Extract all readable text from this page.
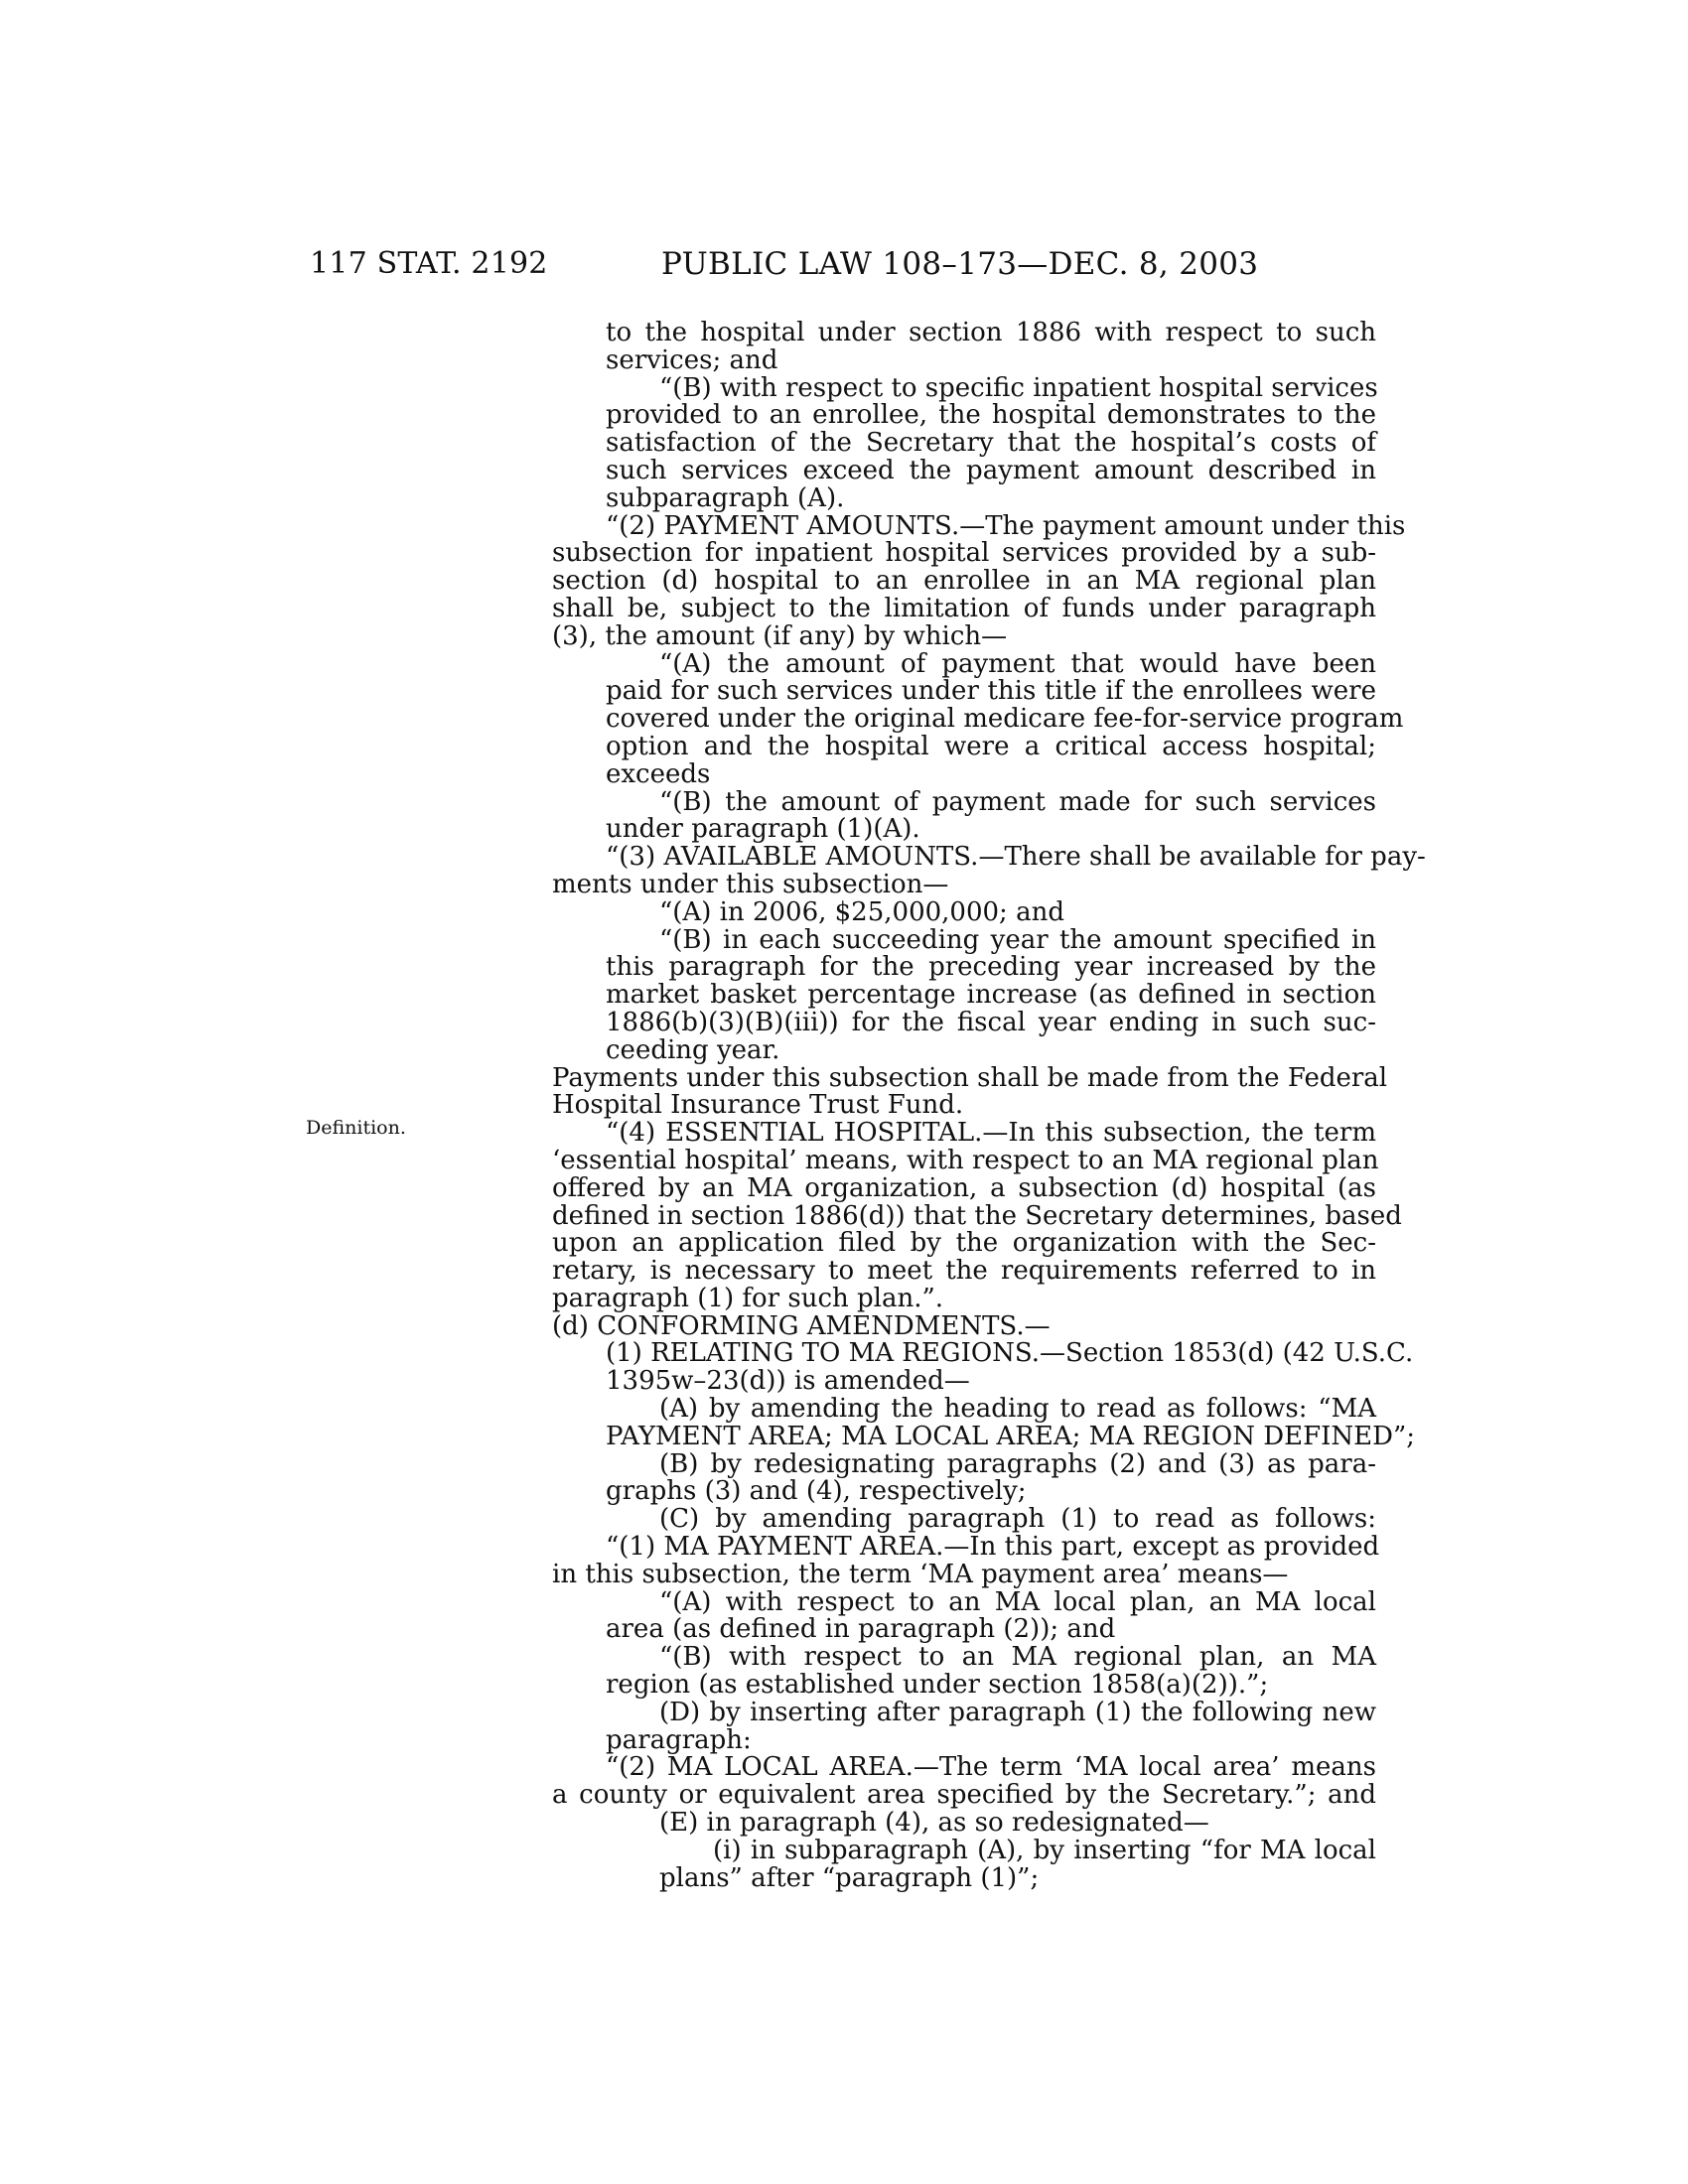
117 STAT. 2192	PUBLIC LAW 108–173—DEC. 8, 2003
Definition.
to the hospital under section 1886 with respect to such
services; and
“(B) with respect to specific inpatient hospital services
provided to an enrollee, the hospital demonstrates to the
satisfaction of the Secretary that the hospital’s costs of
such services exceed the payment amount described in
subparagraph (A).
“(2) PAYMENT AMOUNTS.—The payment amount under this
subsection for inpatient hospital services provided by a sub-
section (d) hospital to an enrollee in an MA regional plan
shall be, subject to the limitation of funds under paragraph
(3), the amount (if any) by which—
“(A) the amount of payment that would have been
paid for such services under this title if the enrollees were
covered under the original medicare fee-for-service program
option and the hospital were a critical access hospital;
exceeds
“(B) the amount of payment made for such services
under paragraph (1)(A).
“(3) AVAILABLE AMOUNTS.—There shall be available for pay-
ments under this subsection—
“(A) in 2006, $25,000,000; and
“(B) in each succeeding year the amount specified in
this paragraph for the preceding year increased by the
market basket percentage increase (as defined in section
1886(b)(3)(B)(iii)) for the fiscal year ending in such suc-
ceeding year.
Payments under this subsection shall be made from the Federal
Hospital Insurance Trust Fund.
“(4) ESSENTIAL HOSPITAL.—In this subsection, the term
‘essential hospital’ means, with respect to an MA regional plan
offered by an MA organization, a subsection (d) hospital (as
defined in section 1886(d)) that the Secretary determines, based
upon an application filed by the organization with the Sec-
retary, is necessary to meet the requirements referred to in
paragraph (1) for such plan.”.
(d) CONFORMING AMENDMENTS.—
(1) RELATING TO MA REGIONS.—Section 1853(d) (42 U.S.C.
1395w–23(d)) is amended—
(A) by amending the heading to read as follows: “MA
PAYMENT AREA; MA LOCAL AREA; MA REGION DEFINED”;
(B) by redesignating paragraphs (2) and (3) as para-
graphs (3) and (4), respectively;
(C) by amending paragraph (1) to read as follows:
“(1) MA PAYMENT AREA.—In this part, except as provided
in this subsection, the term ‘MA payment area’ means—
“(A) with respect to an MA local plan, an MA local
area (as defined in paragraph (2)); and
“(B) with respect to an MA regional plan, an MA
region (as established under section 1858(a)(2)).”;
(D) by inserting after paragraph (1) the following new
paragraph:
“(2) MA LOCAL AREA.—The term ‘MA local area’ means
a county or equivalent area specified by the Secretary.”; and
(E) in paragraph (4), as so redesignated—
(i) in subparagraph (A), by inserting “for MA local
plans” after “paragraph (1)”;
